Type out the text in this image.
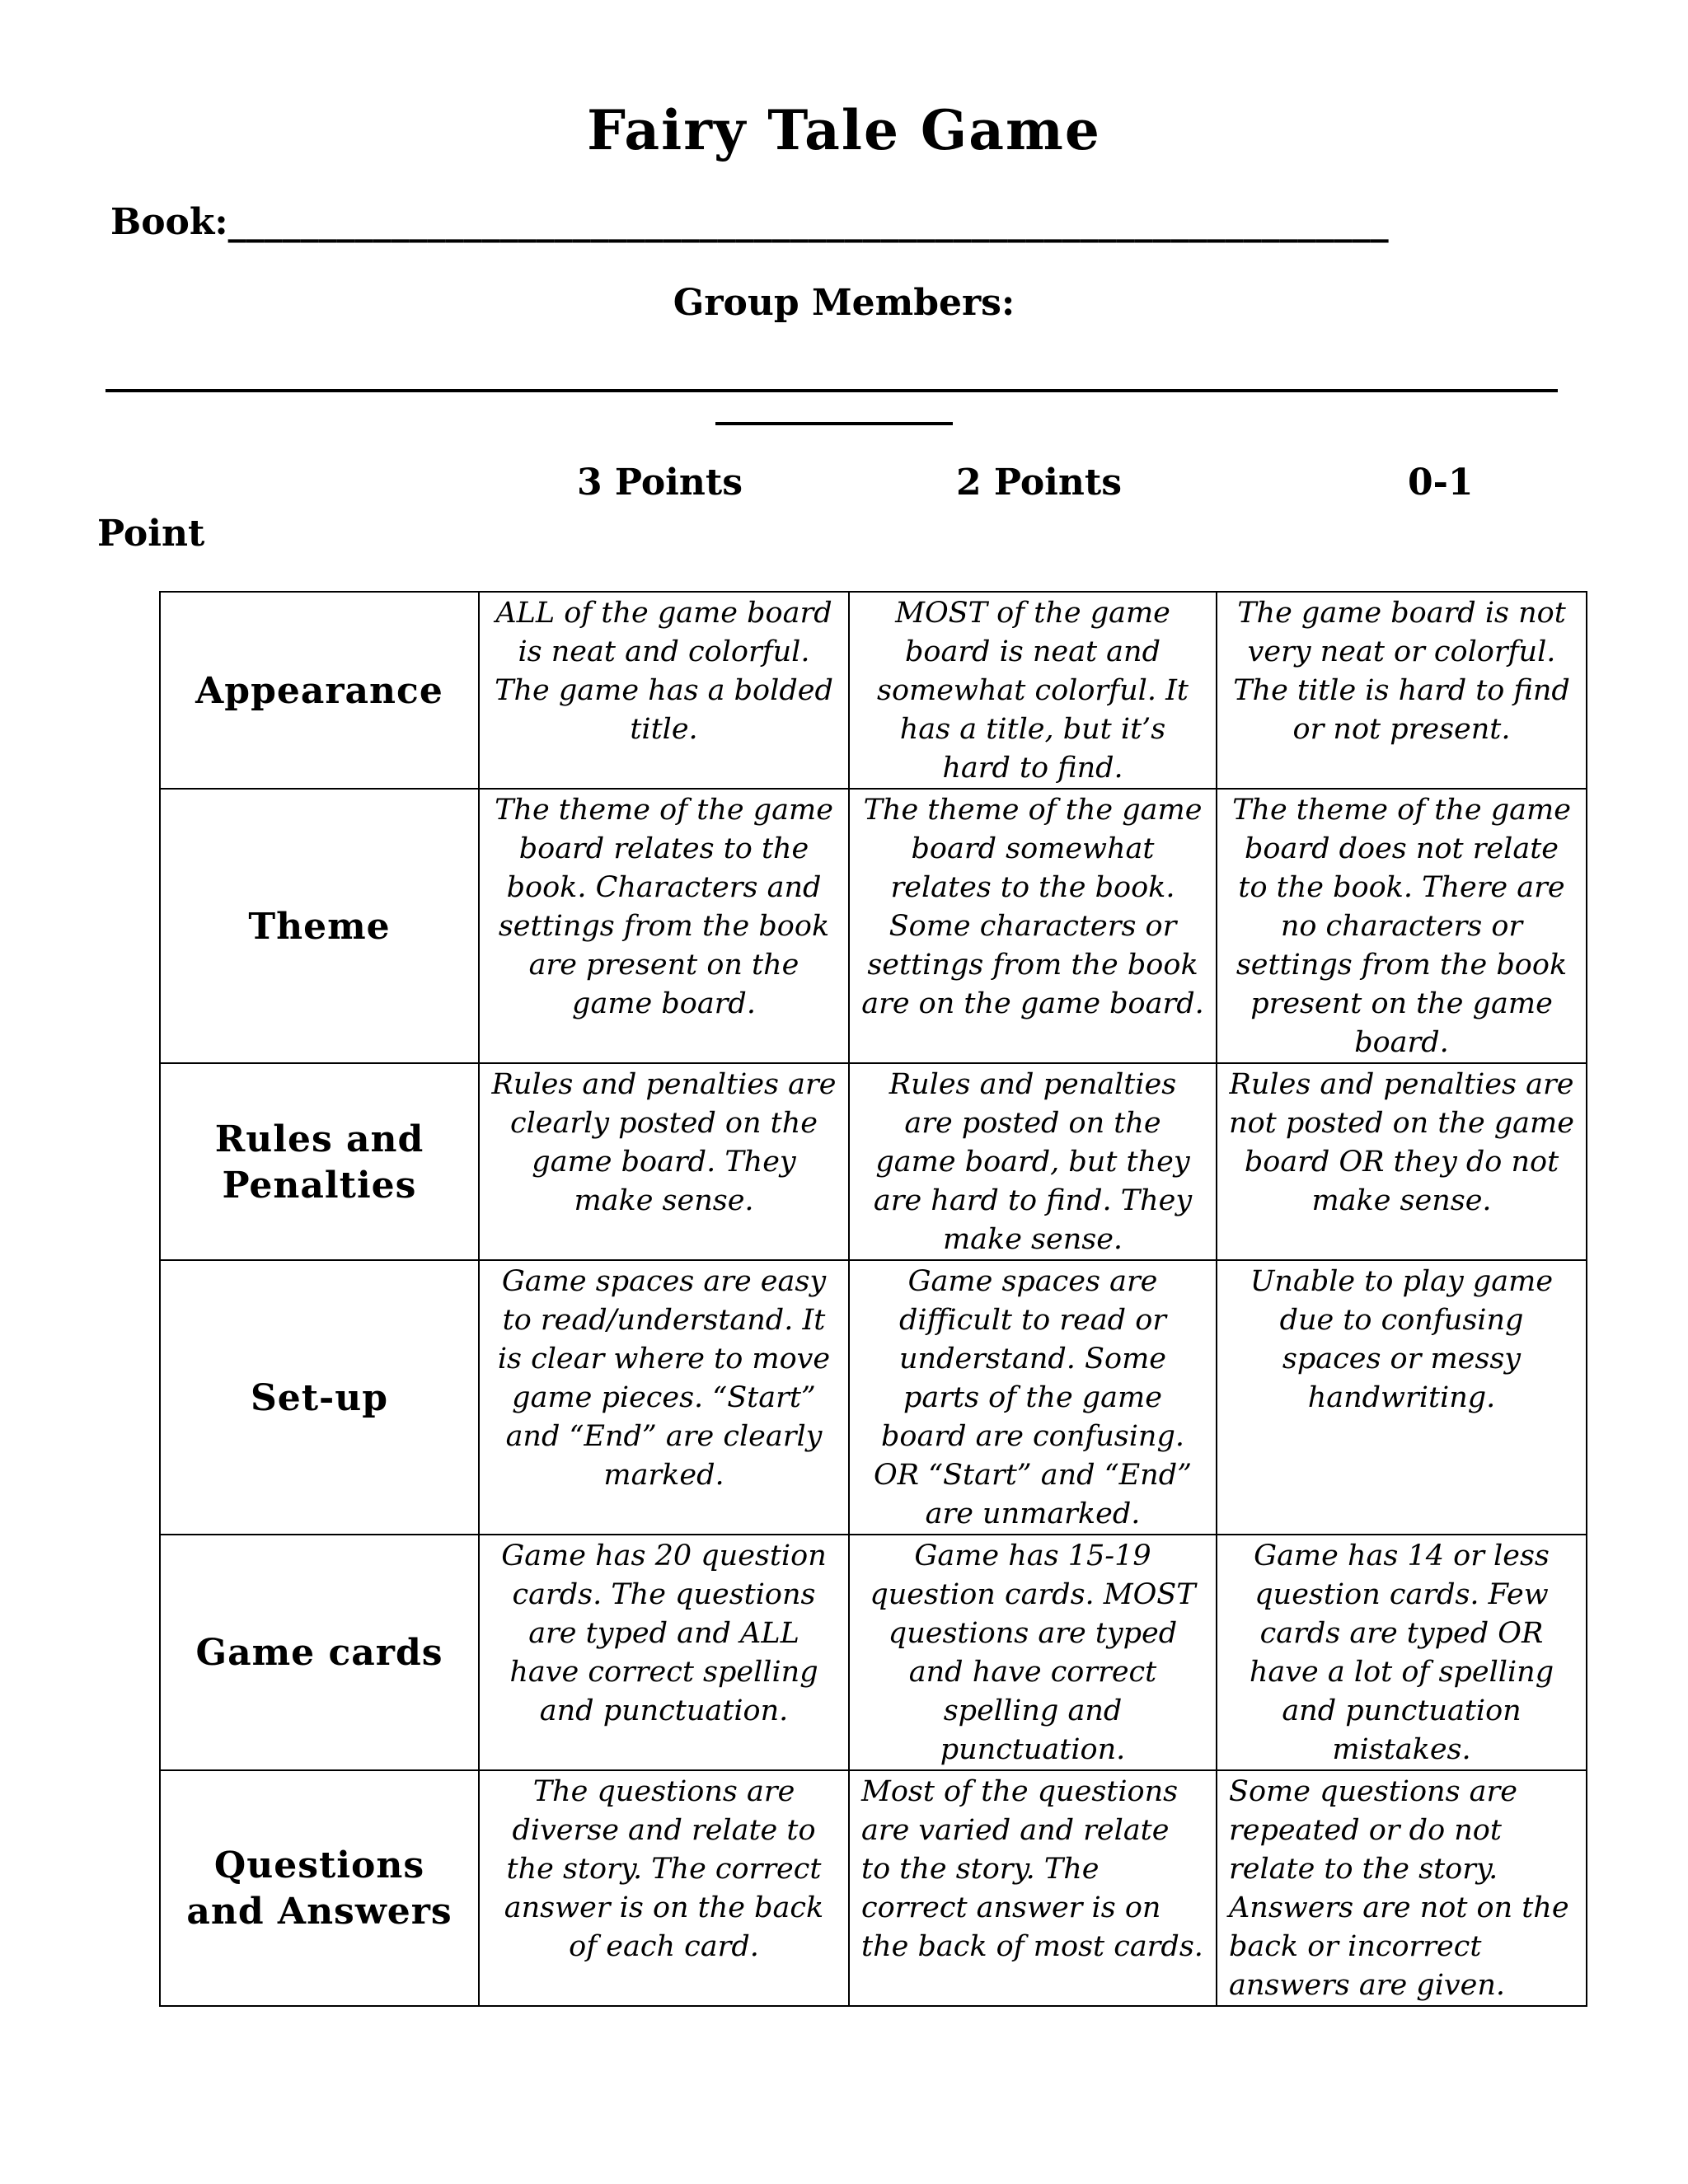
Fairy Tale Game
Book:________________________________________________________________
Group Members:
3 Points	2 Points	0-1
Point
Appearance	ALL of the game board is neat and colorful. The game has a bolded title.	MOST of the game board is neat and somewhat colorful. It has a title, but it’s hard to find.	The game board is not very neat or colorful. The title is hard to find or not present.
Theme	The theme of the game board relates to the book. Characters and settings from the book are present on the game board.	The theme of the game board somewhat relates to the book. Some characters or settings from the book are on the game board.	The theme of the game board does not relate to the book. There are no characters or settings from the book present on the game board.
Rules and Penalties	Rules and penalties are clearly posted on the game board. They make sense.	Rules and penalties are posted on the game board, but they are hard to find. They make sense.	Rules and penalties are not posted on the game board OR they do not make sense.
Set-up	Game spaces are easy to read/understand. It is clear where to move game pieces. “Start” and “End” are clearly marked.	Game spaces are difficult to read or understand. Some parts of the game board are confusing. OR “Start” and “End” are unmarked.	Unable to play game due to confusing spaces or messy handwriting.
Game cards	Game has 20 question cards. The questions are typed and ALL have correct spelling and punctuation.	Game has 15-19 question cards. MOST questions are typed and have correct spelling and punctuation.	Game has 14 or less question cards. Few cards are typed OR have a lot of spelling and punctuation mistakes.
Questions and Answers	The questions are diverse and relate to the story. The correct answer is on the back of each card.	Most of the questions are varied and relate to the story. The correct answer is on the back of most cards.	Some questions are repeated or do not relate to the story. Answers are not on the back or incorrect answers are given.
